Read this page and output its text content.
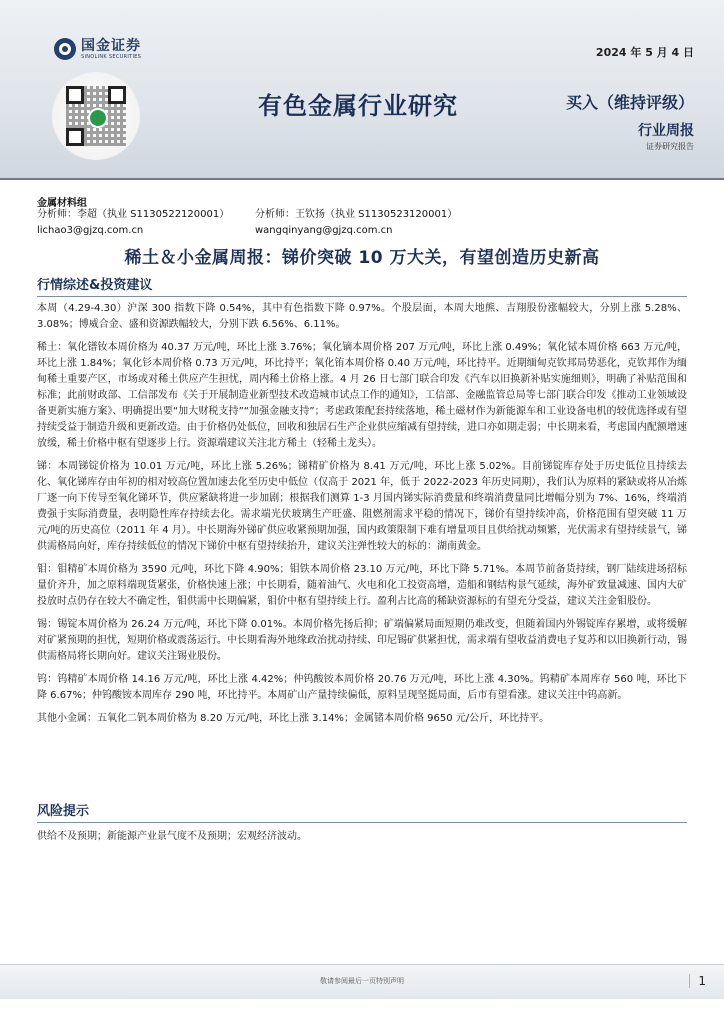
国金证券
SINOLINK SECURITIES	2024 年 5 月 4 日
有色金属行业研究	买入（维持评级）
行业周报
证券研究报告
金属材料组
分析师：李超（执业 S1130522120001）	分析师：王钦扬（执业 S1130523120001）
lichao3@gjzq.com.cn	wangqinyang@gjzq.com.cn
稀土＆小金属周报：锑价突破 10 万大关，有望创造历史新高
行情综述&投资建议

本周（4.29-4.30）沪深 300 指数下降 0.54%，其中有色指数下降 0.97%。个股层面，本周大地熊、吉翔股份涨幅较大，分别上涨 5.28%、3.08%；博威合金、盛和资源跌幅较大，分别下跌 6.56%、6.11%。

稀土：氧化镨钕本周价格为 40.37 万元/吨，环比上涨 3.76%；氧化镝本周价格 207 万元/吨，环比上涨 0.49%；氧化铽本周价格 663 万元/吨，环比上涨 1.84%；氧化钐本周价格 0.73 万元/吨，环比持平；氧化铕本周价格 0.40 万元/吨，环比持平。近期缅甸克钦邦局势恶化，克钦邦作为缅甸稀土重要产区，市场或对稀土供应产生担忧，周内稀土价格上涨。4 月 26 日七部门联合印发《汽车以旧换新补贴实施细则》，明确了补贴范围和标准；此前财政部、工信部发布《关于开展制造业新型技术改造城市试点工作的通知》，工信部、金融监管总局等七部门联合印发《推动工业领域设备更新实施方案》、明确提出要“加大财税支持”“加强金融支持”；考虑政策配套持续落地，稀土磁材作为新能源车和工业设备电机的较优选择或有望持续受益于制造升级和更新改造。由于价格仍处低位，回收和独居石生产企业供应缩减有望持续，进口亦如期走弱；中长期来看，考虑国内配额增速放缓，稀土价格中枢有望逐步上行。资源端建议关注北方稀土（轻稀土龙头）。

锑：本周锑锭价格为 10.01 万元/吨，环比上涨 5.26%；锑精矿价格为 8.41 万元/吨，环比上涨 5.02%。目前锑锭库存处于历史低位且持续去化、氧化锑库存由年初的相对较高位置加速去化至历史中低位（仅高于 2021 年，低于 2022-2023 年历史同期），我们认为原料的紧缺或将从冶炼厂逐一向下传导至氧化锑环节，供应紧缺将进一步加剧；根据我们测算 1-3 月国内锑实际消费量和终端消费量同比增幅分别为 7%、16%，终端消费强于实际消费量，表明隐性库存持续去化。需求端光伏玻璃生产旺盛、阻燃剂需求平稳的情况下，锑价有望持续冲高，价格范围有望突破 11 万元/吨的历史高位（2011 年 4 月）。中长期海外锑矿供应收紧预期加强，国内政策限制下难有增量项目且供给扰动频繁，光伏需求有望持续景气，锑供需格局向好，库存持续低位的情况下锑价中枢有望持续抬升，建议关注弹性较大的标的：湖南黄金。

钼：钼精矿本周价格为 3590 元/吨，环比下降 4.90%；钼铁本周价格 23.10 万元/吨，环比下降 5.71%。本周节前备货持续，钢厂陆续进场招标量价齐升，加之原料端现货紧张，价格快速上涨；中长期看，随着油气、火电和化工投资高增，造船和钢结构景气延续，海外矿致量减速、国内大矿投放时点仍存在较大不确定性，钼供需中长期偏紧，钼价中枢有望持续上行。盈利占比高的稀缺资源标的有望充分受益，建议关注金钼股份。

锡：锡锭本周价格为 26.24 万元/吨，环比下降 0.01%。本周价格先扬后抑；矿端偏紧局面短期仍难改变，但随着国内外锡锭库存累增，或将缓解对矿紧预期的担忧，短期价格或震荡运行。中长期看海外地缘政治扰动持续、印尼锡矿供紧担忧，需求端有望收益消费电子复苏和以旧换新行动，锡供需格局将长期向好。建议关注锡业股份。

钨：钨精矿本周价格 14.16 万元/吨，环比上涨 4.42%；仲钨酸铵本周价格 20.76 万元/吨，环比上涨 4.30%。钨精矿本周库存 560 吨，环比下降 6.67%；仲钨酸铵本周库存 290 吨，环比持平。本周矿山产量持续偏低，原料呈现坚挺局面，后市有望看涨。建议关注中钨高新。

其他小金属：五氧化二钒本周价格为 8.20 万元/吨，环比上涨 3.14%；金属锗本周价格 9650 元/公斤，环比持平。

风险提示

供给不及预期；新能源产业景气度不及预期；宏观经济波动。

敬请参阅最后一页特别声明	1
